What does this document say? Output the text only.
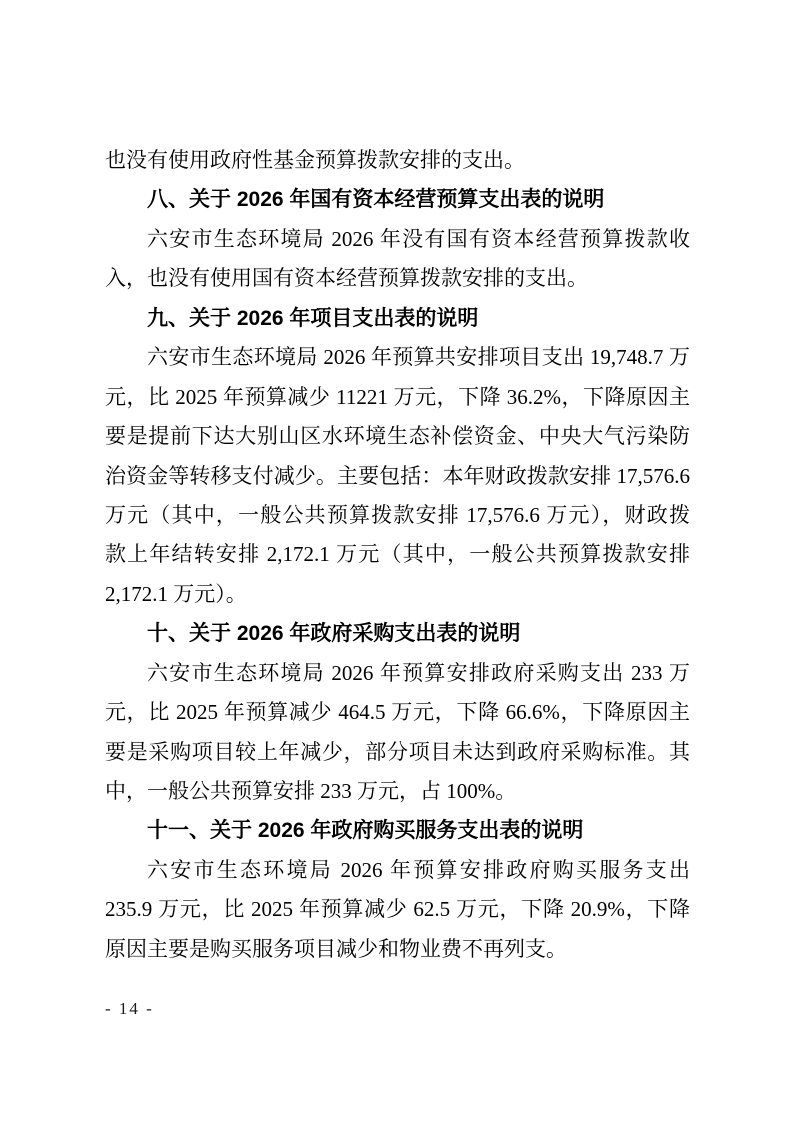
也没有使用政府性基金预算拨款安排的支出。
八、关于 2026 年国有资本经营预算支出表的说明
六安市生态环境局 2026 年没有国有资本经营预算拨款收
入，也没有使用国有资本经营预算拨款安排的支出。
九、关于 2026 年项目支出表的说明
六安市生态环境局 2026 年预算共安排项目支出 19,748.7 万
元，比 2025 年预算减少 11221 万元，下降 36.2%，下降原因主
要是提前下达大别山区水环境生态补偿资金、中央大气污染防
治资金等转移支付减少。主要包括：本年财政拨款安排 17,576.6
万元（其中，一般公共预算拨款安排 17,576.6 万元），财政拨
款上年结转安排 2,172.1 万元（其中，一般公共预算拨款安排
2,172.1 万元）。
十、关于 2026 年政府采购支出表的说明
六安市生态环境局 2026 年预算安排政府采购支出 233 万
元，比 2025 年预算减少 464.5 万元，下降 66.6%，下降原因主
要是采购项目较上年减少，部分项目未达到政府采购标准。其
中，一般公共预算安排 233 万元，占 100%。
十一、关于 2026 年政府购买服务支出表的说明
六安市生态环境局 2026 年预算安排政府购买服务支出
235.9 万元，比 2025 年预算减少 62.5 万元，下降 20.9%，下降
原因主要是购买服务项目减少和物业费不再列支。
- 14 -
